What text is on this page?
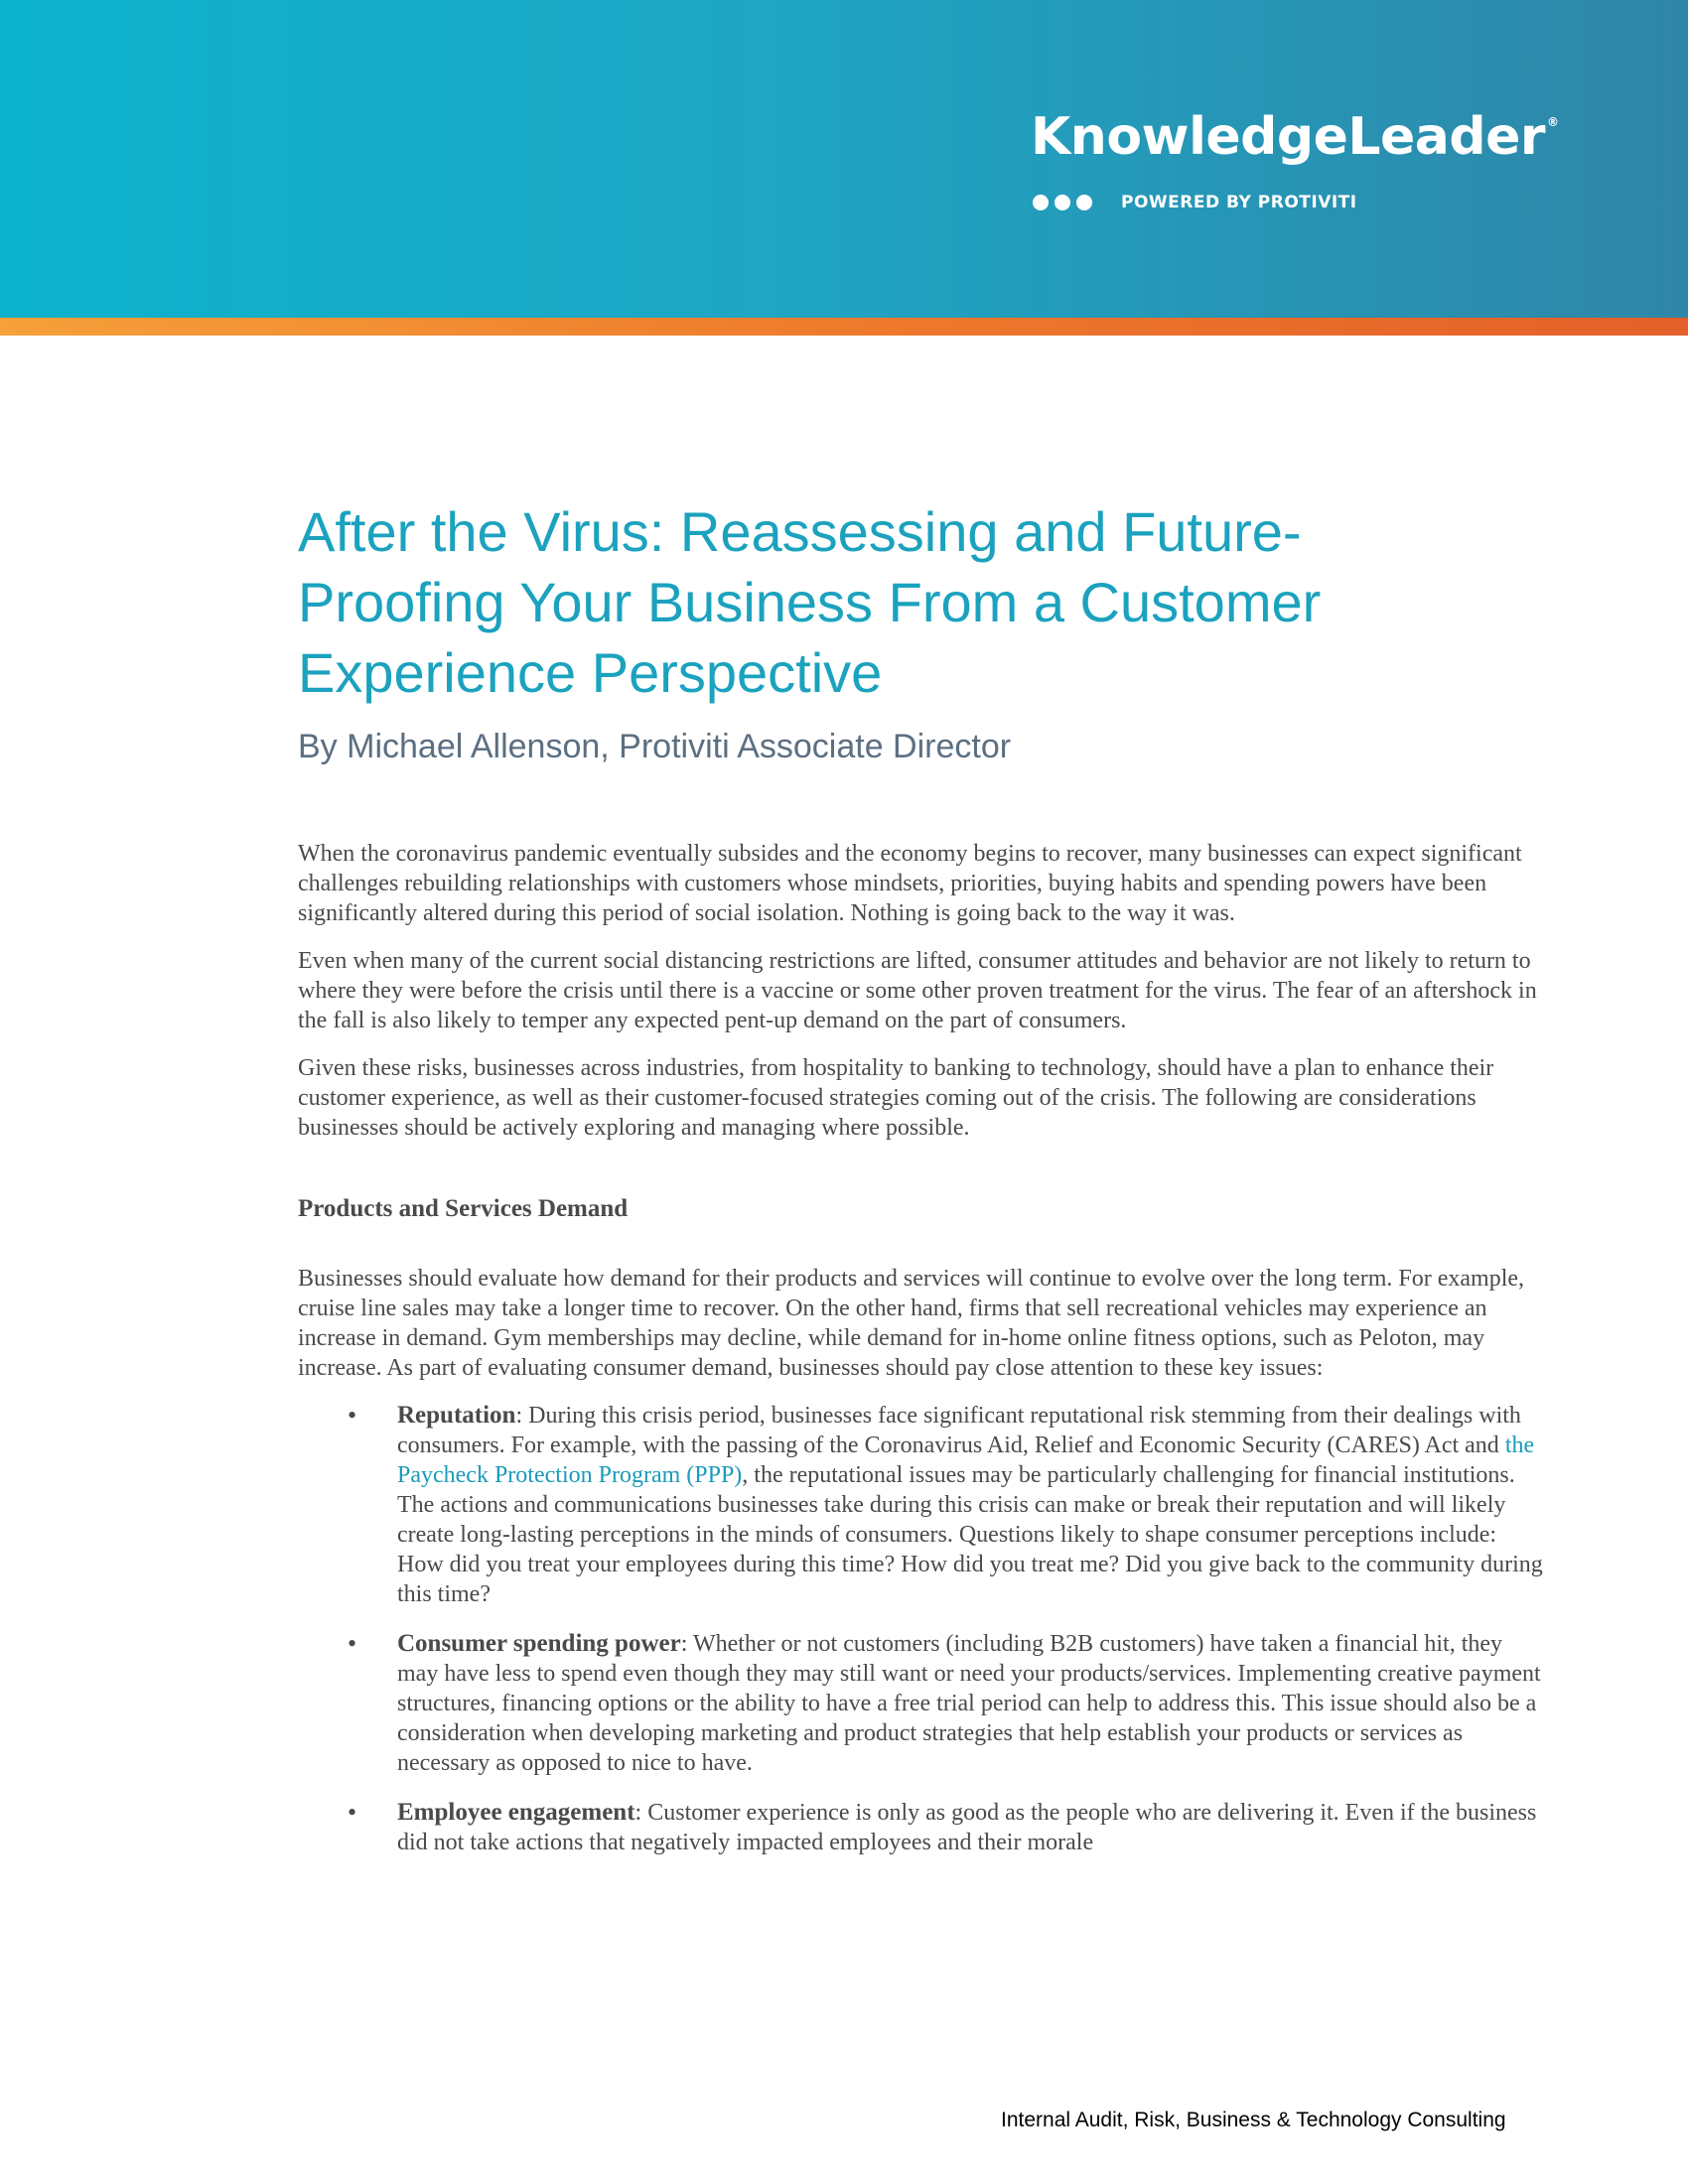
KnowledgeLeader ®
POWERED BY PROTIVITI
After the Virus: Reassessing and Future-Proofing Your Business From a Customer Experience Perspective
By Michael Allenson, Protiviti Associate Director

When the coronavirus pandemic eventually subsides and the economy begins to recover, many businesses can expect significant challenges rebuilding relationships with customers whose mindsets, priorities, buying habits and spending powers have been significantly altered during this period of social isolation. Nothing is going back to the way it was.

Even when many of the current social distancing restrictions are lifted, consumer attitudes and behavior are not likely to return to where they were before the crisis until there is a vaccine or some other proven treatment for the virus. The fear of an aftershock in the fall is also likely to temper any expected pent-up demand on the part of consumers.

Given these risks, businesses across industries, from hospitality to banking to technology, should have a plan to enhance their customer experience, as well as their customer-focused strategies coming out of the crisis. The following are considerations businesses should be actively exploring and managing where possible.

Products and Services Demand

Businesses should evaluate how demand for their products and services will continue to evolve over the long term. For example, cruise line sales may take a longer time to recover. On the other hand, firms that sell recreational vehicles may experience an increase in demand. Gym memberships may decline, while demand for in-home online fitness options, such as Peloton, may increase. As part of evaluating consumer demand, businesses should pay close attention to these key issues:

• Reputation: During this crisis period, businesses face significant reputational risk stemming from their dealings with consumers. For example, with the passing of the Coronavirus Aid, Relief and Economic Security (CARES) Act and the Paycheck Protection Program (PPP), the reputational issues may be particularly challenging for financial institutions. The actions and communications businesses take during this crisis can make or break their reputation and will likely create long-lasting perceptions in the minds of consumers. Questions likely to shape consumer perceptions include: How did you treat your employees during this time? How did you treat me? Did you give back to the community during this time?
• Consumer spending power: Whether or not customers (including B2B customers) have taken a financial hit, they may have less to spend even though they may still want or need your products/services. Implementing creative payment structures, financing options or the ability to have a free trial period can help to address this. This issue should also be a consideration when developing marketing and product strategies that help establish your products or services as necessary as opposed to nice to have.
• Employee engagement: Customer experience is only as good as the people who are delivering it. Even if the business did not take actions that negatively impacted employees and their morale
Internal Audit, Risk, Business & Technology Consulting
